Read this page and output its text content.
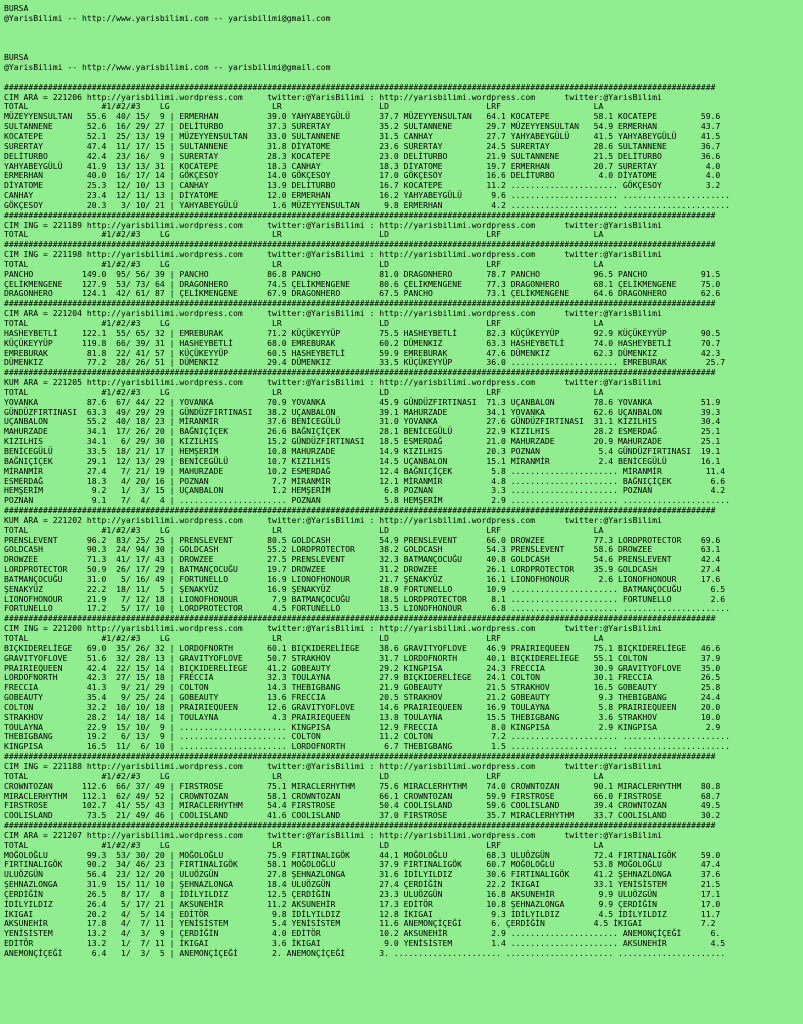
BURSA
@YarisBilimi -- http://www.yarisbilimi.com -- yarisbilimi@gmail.com
BURSA
@YarisBilimi -- http://www.yarisbilimi.com -- yarisbilimi@gmail.com
##################################################################################################################################################
CIM ARA = 221206 http://yarisbilimi.wordpress.com     twitter:@YarisBilimi : http://yarisbilimi.wordpress.com      twitter:@YarisBilimi
TOTAL               #1/#2/#3    LG                     LR                    LD                    LRF                   LA
MÜZEYYENSULTAN   55.6  40/ 15/  9 | ERMERHAN          39.0 YAHYABEYGÜLÜ      37.7 MÜZEYYENSULTAN   64.1 KOCATEPE         58.1 KOCATEPE         59.6
SULTANNENE       52.6  16/ 29/ 27 | DELİTURBO         37.3 SURERTAY          35.2 SULTANNENE       29.7 MÜZEYYENSULTAN   54.9 ERMERHAN         43.7
KOCATEPE         52.1  25/ 13/ 19 | MÜZEYYENSULTAN    33.0 SULTANNENE        31.5 CANHAY           27.7 YAHYABEYGÜLÜ     41.5 YAHYABEYGÜLÜ     41.5
SURERTAY         47.4  11/ 17/ 15 | SULTANNENE        31.8 DİYATOME          23.6 SURERTAY         24.5 SURERTAY         28.6 SULTANNENE       36.7
DELİTURBO        42.4  23/ 16/  9 | SURERTAY          28.3 KOCATEPE          23.0 DELİTURBO        21.9 SULTANNENE       21.5 DELİTURBO        36.6
YAHYABEYGÜLÜ     41.9  13/ 13/ 31 | KOCATEPE          18.3 CANHAY            18.3 DİYATOME         19.7 ERMERHAN         20.7 SURERTAY          4.0
ERMERHAN         40.0  16/ 17/ 14 | GÖKÇESOY          14.0 GÖKÇESOY          17.0 GÖKÇESOY         16.6 DELİTURBO         4.0 DİYATOME          4.0
DİYATOME         25.3  12/ 10/ 13 | CANHAY            13.9 DELİTURBO         16.7 KOCATEPE         11.2 ...................... GÖKÇESOY         3.2
CANHAY           23.4  12/ 11/ 13 | DİYATOME          12.0 ERMERHAN          16.2 YAHYABEYGÜLÜ      9.6 ...................... ......................
GÖKÇESOY         20.3   3/ 10/ 21 | YAHYABEYGÜLÜ       1.6 MÜZEYYENSULTAN     9.8 ERMERHAN          4.2 ...................... ......................
##################################################################################################################################################
CIM ING = 221189 http://yarisbilimi.wordpress.com     twitter:@YarisBilimi : http://yarisbilimi.wordpress.com      twitter:@YarisBilimi
TOTAL               #1/#2/#3    LG                     LR                    LD                    LRF                   LA
##################################################################################################################################################
CIM ING = 221198 http://yarisbilimi.wordpress.com     twitter:@YarisBilimi : http://yarisbilimi.wordpress.com      twitter:@YarisBilimi
TOTAL               #1/#2/#3    LG                     LR                    LD                    LRF                   LA
PANCHO          149.0  95/ 56/ 39 | PANCHO            86.8 PANCHO            81.0 DRAGONHERO       78.7 PANCHO           96.5 PANCHO           91.5
ÇELİKMENGENE    127.9  53/ 73/ 64 | DRAGONHERO        74.5 ÇELİKMENGENE      80.6 ÇELİKMENGENE     77.3 DRAGONHERO       68.1 ÇELİKMENGENE     75.0
DRAGONHERO      124.1  42/ 61/ 87 | ÇELİKMENGENE      67.9 DRAGONHERO        67.5 PANCHO           73.1 ÇELİKMENGENE     64.6 DRAGONHERO       62.6
##################################################################################################################################################
CIM ARA = 221204 http://yarisbilimi.wordpress.com     twitter:@YarisBilimi : http://yarisbilimi.wordpress.com      twitter:@YarisBilimi
TOTAL               #1/#2/#3    LG                     LR                    LD                    LRF                   LA
HASHEYBETLİ     122.1  55/ 65/ 32 | EMREBURAK         71.2 KÜÇÜKEYYÜP        75.5 HASHEYBETLİ      82.3 KÜÇÜKEYYÜP       92.9 KÜÇÜKEYYÜP       90.5
KÜÇÜKEYYÜP      119.8  66/ 39/ 31 | HASHEYBETLİ       68.0 EMREBURAK         60.2 DÜMENKIZ         63.3 HASHEYBETLİ      74.0 HASHEYBETLİ      70.7
EMREBURAK        81.8  22/ 41/ 57 | KÜÇÜKEYYÜP        60.5 HASHEYBETLİ       59.9 EMREBURAK        47.6 DÜMENKIZ         62.3 DÜMENKIZ         42.3
DÜMENKIZ         77.2  28/ 26/ 51 | DÜMENKIZ          29.4 DÜMENKIZ          33.5 KÜÇÜKEYYÜP       36.0 ...................... EMREBURAK        25.7
##################################################################################################################################################
KUM ARA = 221205 http://yarisbilimi.wordpress.com     twitter:@YarisBilimi : http://yarisbilimi.wordpress.com      twitter:@YarisBilimi
TOTAL               #1/#2/#3    LG                     LR                    LD                    LRF                   LA
YOVANKA          87.6  67/ 44/ 22 | YOVANKA           70.9 YOVANKA           45.9 GÜNDÜZFIRTINASI  71.3 UÇANBALON        78.6 YOVANKA          51.9
GÜNDÜZFIRTINASI  63.3  49/ 29/ 29 | GÜNDÜZFIRTINASI   38.2 UÇANBALON         39.1 MAHURZADE        34.1 YOVANKA          62.6 UÇANBALON        39.3
UÇANBALON        55.2  40/ 18/ 23 | MİRANMİR          37.6 BENİCEGÜLÜ        31.0 YOVANKA          27.6 GÜNDÜZFIRTINASI  31.1 KIZILHIS         30.4
MAHURZADE        34.1  17/ 26/ 20 | BAĞNIÇİÇEK        26.6 BAĞNIÇİÇEK        28.1 BENİCEGÜLÜ       22.9 KIZILHIS         28.2 ESMERDAĞ         25.1
KIZILHIS         34.1   6/ 29/ 30 | KIZILHIS          15.2 GÜNDÜZFIRTINASI   18.5 ESMERDAĞ         21.0 MAHURZADE        20.9 MAHURZADE        25.1
BENİCEGÜLÜ       33.5  18/ 21/ 17 | HEMŞERİM          10.8 MAHURZADE         14.9 KIZILHIS         20.3 POZNAN            5.4 GÜNDÜZFIRTINASI  19.1
BAĞNIÇİÇEK       29.1  12/ 13/ 29 | BENİCEGÜLÜ        10.7 KIZILHIS          14.5 UÇANBALON        15.1 MİRANMİR          2.4 BENİCEGÜLÜ       16.1
MİRANMİR         27.4   7/ 21/ 19 | MAHURZADE         10.2 ESMERDAĞ          12.4 BAĞNIÇİÇEK        5.8 ...................... MİRANMİR         11.4
ESMERDAĞ         18.3   4/ 20/ 16 | POZNAN             7.7 MİRANMİR          12.1 MİRANMİR          4.8 ...................... BAĞNIÇİÇEK        6.6
HEMŞERİM          9.2   1/  3/ 15 | UÇANBALON          1.2 HEMŞERİM           6.8 POZNAN            3.3 ...................... POZNAN            4.2
POZNAN            9.1   7/  4/  4 | ...................... POZNAN             5.8 HEMŞERİM          2.9 ...................... ......................
##################################################################################################################################################
KUM ARA = 221202 http://yarisbilimi.wordpress.com     twitter:@YarisBilimi : http://yarisbilimi.wordpress.com      twitter:@YarisBilimi
TOTAL               #1/#2/#3    LG                     LR                    LD                    LRF                   LA
PRENSLEVENT      96.2  83/ 25/ 25 | PRENSLEVENT       80.5 GOLDCASH          54.9 PRENSLEVENT      66.0 DROWZEE          77.3 LORDPROTECTOR    69.6
GOLDCASH         90.3  24/ 94/ 30 | GOLDCASH          55.2 LORDPROTECTOR     38.2 GOLDCASH         54.3 PRENSLEVENT      58.6 DROWZEE          63.1
DROWZEE          71.3  41/ 17/ 43 | DROWZEE           27.5 PRENSLEVENT       32.3 BATMANÇOCUĞU     40.8 GOLDCASH         54.6 PRENSLEVENT      42.4
LORDPROTECTOR    50.9  26/ 17/ 29 | BATMANÇOCUĞU      19.7 DROWZEE           31.2 DROWZEE          26.1 LORDPROTECTOR    35.9 GOLDCASH         27.4
BATMANÇOCUĞU     31.0   5/ 16/ 49 | FORTUNELLO        16.9 LIONOFHONOUR      21.7 ŞENAKYÜZ         16.1 LIONOFHONOUR      2.6 LIONOFHONOUR     17.6
ŞENAKYÜZ         22.2  18/ 11/  5 | ŞENAKYÜZ          16.9 ŞENAKYÜZ          18.9 FORTUNELLO       10.9 ...................... BATMANÇOCUĞU      6.5
LIONOFHONOUR     21.9   7/ 12/ 18 | LIONOFHONOUR       7.9 BATMANÇOCUĞU      18.5 LORDPROTECTOR     8.1 ...................... FORTUNELLO        2.6
FORTUNELLO       17.2   5/ 17/ 10 | LORDPROTECTOR      4.5 FORTUNELLO        13.5 LIONOFHONOUR      6.8 ...................... ......................
##################################################################################################################################################
CIM ING = 221200 http://yarisbilimi.wordpress.com     twitter:@YarisBilimi : http://yarisbilimi.wordpress.com      twitter:@YarisBilimi
TOTAL               #1/#2/#3    LG                     LR                    LD                    LRF                   LA
BIÇKIDERELİEGE   69.0  35/ 26/ 32 | LORDOFNORTH       60.1 BIÇKIDERELİEGE    38.6 GRAVITYOFLOVE    46.9 PRAIRIEQUEEN     75.1 BIÇKIDERELİEGE   46.6
GRAVITYOFLOVE    51.6  32/ 28/ 13 | GRAVITYOFLOVE     50.7 STRAKHOV          31.7 LORDOFNORTH      40.1 BIÇKIDERELİEGE   55.1 COLTON           37.9
PRAIRIEQUEEN     42.4  22/ 15/ 14 | BIÇKIDERELİEGE    41.2 GOBEAUTY          29.2 KINGPISA         24.3 FRECCIA          30.9 GRAVITYOFLOVE    35.0
LORDOFNORTH      42.3  27/ 15/ 18 | FRECCIA           32.3 TOULAYNA          27.9 BIÇKIDERELİEGE   24.1 COLTON           30.1 FRECCIA          26.5
FRECCIA          41.3   9/ 21/ 29 | COLTON            14.3 THEBIGBANG        21.9 GOBEAUTY         21.5 STRAKHOV         16.5 GOBEAUTY         25.8
GOBEAUTY         35.4   9/ 25/ 24 | GOBEAUTY          13.6 FRECCIA           20.5 STRAKHOV         21.2 GOBEAUTY          9.3 THEBIGBANG       24.4
COLTON           32.2  10/ 10/ 18 | PRAIRIEQUEEN      12.6 GRAVITYOFLOVE     14.6 PRAIRIEQUEEN     16.9 TOULAYNA          5.8 PRAIRIEQUEEN     20.0
STRAKHOV         28.2  14/ 18/ 14 | TOULAYNA           4.3 PRAIRIEQUEEN      13.8 TOULAYNA         15.5 THEBIGBANG        3.6 STRAKHOV         10.0
TOULAYNA         22.9  15/ 10/  9 | ...................... KINGPISA          12.9 FRECCIA           8.0 KINGPISA          2.9 KINGPISA          2.9
THEBIGBANG       19.2   6/ 13/  9 | ...................... COLTON            11.2 COLTON            7.2 ...................... ......................
KINGPISA         16.5  11/  6/ 10 | ...................... LORDOFNORTH        6.7 THEBIGBANG        1.5 ...................... ......................
##################################################################################################################################################
CIM ING = 221188 http://yarisbilimi.wordpress.com     twitter:@YarisBilimi : http://yarisbilimi.wordpress.com      twitter:@YarisBilimi
TOTAL               #1/#2/#3    LG                     LR                    LD                    LRF                   LA
CROWNTOZAN      112.6  66/ 37/ 49 | FIRSTROSE         75.1 MIRACLERHYTHM     75.6 MIRACLERHYTHM    74.0 CROWNTOZAN       90.1 MIRACLERHYTHM    80.8
MIRACLERHYTHM   112.1  62/ 49/ 52 | CROWNTOZAN        58.1 CROWNTOZAN        66.1 CROWNTOZAN       59.9 FIRSTROSE        66.0 FIRSTROSE        68.7
FIRSTROSE       102.7  41/ 55/ 43 | MIRACLERHYTHM     54.4 FIRSTROSE         50.4 COOLISLAND       59.6 COOLISLAND       39.4 CROWNTOZAN       49.5
COOLISLAND       73.5  21/ 49/ 46 | COOLISLAND        41.6 COOLISLAND        37.0 FIRSTROSE        35.7 MIRACLERHYTHM    33.7 COOLISLAND       30.2
##################################################################################################################################################
CIM ARA = 221207 http://yarisbilimi.wordpress.com     twitter:@YarisBilimi : http://yarisbilimi.wordpress.com      twitter:@YarisBilimi
TOTAL               #1/#2/#3    LG                     LR                    LD                    LRF                   LA
MOĞOLOĞLU        99.3  53/ 30/ 20 | MOĞOLOĞLU         75.9 FIRTINALIGÖK      44.1 MOĞOLOĞLU        68.3 ULUÖZGÜN         72.4 FIRTINALIGÖK     59.0
FIRTINALIGÖK     90.2  34/ 46/ 23 | FIRTINALIGÖK      58.1 MOĞOLOĞLU         37.9 FIRTINALIGÖK     60.7 MOĞOLOĞLU        53.8 MOĞOLOĞLU        47.4
ULUÖZGÜN         56.4  23/ 12/ 20 | ULUÖZGÜN          27.8 ŞEHNAZLONGA       31.6 İDİLYILDIZ       30.6 FIRTINALIGÖK     41.2 ŞEHNAZLONGA      37.6
ŞEHNAZLONGA      31.9  15/ 11/ 10 | ŞEHNAZLONGA       18.4 ULUÖZGÜN          27.4 ÇERDİĞİN         22.2 İKIGAI           33.1 YENİSİSTEM       21.5
ÇERDİĞİN         26.5   8/ 17/  8 | İDİLYILDIZ        12.5 ÇERDİĞİN          23.3 ULUÖZGÜN         16.8 AKSUNEHİR         9.9 ULUÖZGÜN         17.1
İDİLYILDIZ       26.4   5/ 17/ 21 | AKSUNEHİR         11.2 AKSUNEHİR         17.3 EDİTÖR           10.8 ŞEHNAZLONGA       9.9 ÇERDİĞİN         17.0
İKIGAI           20.2   4/  5/ 14 | EDİTÖR             9.8 İDİLYILDIZ        12.8 İKIGAI            9.3 İDİLYILDIZ        4.5 İDİLYILDIZ       11.7
AKSUNEHİR        17.8   4/  7/ 11 | YENİSİSTEM         5.4 YENİSİSTEM        11.6 ANEMONÇİÇEĞİ      6. ÇERDİĞİN          4.5 İKIGAI            7.2
YENİSİSTEM       13.2   4/  3/  9 | ÇERDİĞİN           4.0 EDİTÖR            10.2 AKSUNEHİR         2.9 ...................... ANEMONÇİÇEĞİ      6.
EDİTÖR           13.2   1/  7/ 11 | İKIGAI             3.6 İKIGAI             9.0 YENİSİSTEM        1.4 ...................... AKSUNEHİR         4.5
ANEMONÇİÇEĞİ      6.4   1/  3/  5 | ANEMONÇİÇEĞİ       2. ANEMONÇİÇEĞİ       3. ...................... ...................... ......................
